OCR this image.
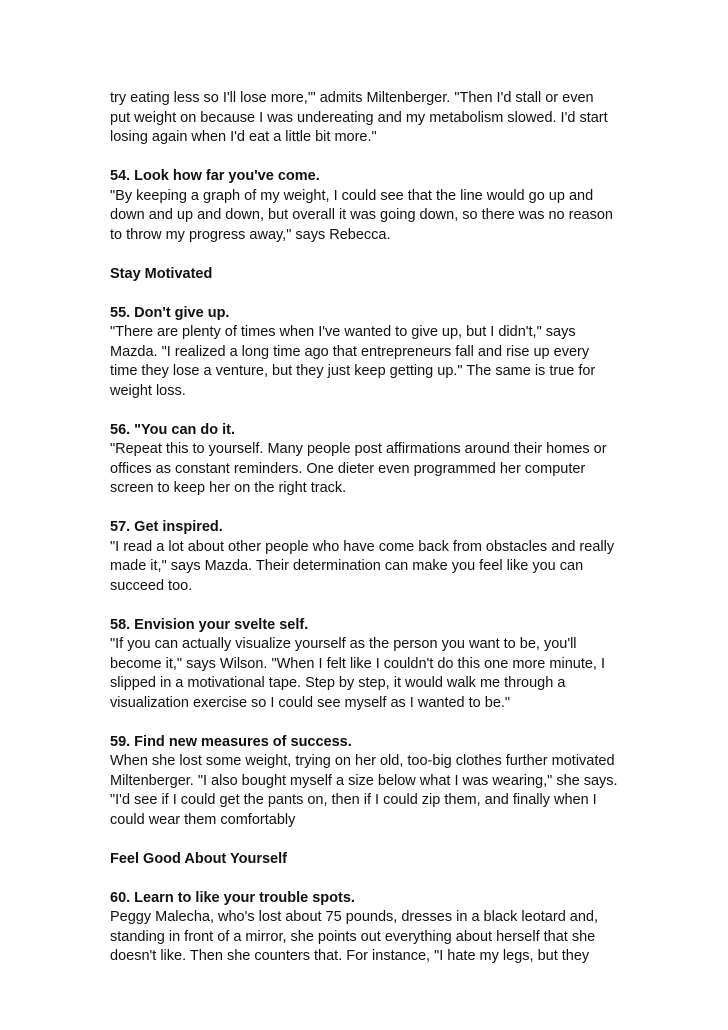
try eating less so I'll lose more,'" admits Miltenberger. "Then I'd stall or even
put weight on because I was undereating and my metabolism slowed. I'd start
losing again when I'd eat a little bit more."

54. Look how far you've come.
"By keeping a graph of my weight, I could see that the line would go up and
down and up and down, but overall it was going down, so there was no reason
to throw my progress away," says Rebecca.

Stay Motivated

55. Don't give up.
"There are plenty of times when I've wanted to give up, but I didn't," says
Mazda. "I realized a long time ago that entrepreneurs fall and rise up every
time they lose a venture, but they just keep getting up." The same is true for
weight loss.

56. "You can do it.
"Repeat this to yourself. Many people post affirmations around their homes or
offices as constant reminders. One dieter even programmed her computer
screen to keep her on the right track.

57. Get inspired.
"I read a lot about other people who have come back from obstacles and really
made it," says Mazda. Their determination can make you feel like you can
succeed too.

58. Envision your svelte self.
"If you can actually visualize yourself as the person you want to be, you'll
become it," says Wilson. "When I felt like I couldn't do this one more minute, I
slipped in a motivational tape. Step by step, it would walk me through a
visualization exercise so I could see myself as I wanted to be."

59. Find new measures of success.
When she lost some weight, trying on her old, too-big clothes further motivated
Miltenberger. "I also bought myself a size below what I was wearing," she says.
"I'd see if I could get the pants on, then if I could zip them, and finally when I
could wear them comfortably

Feel Good About Yourself

60. Learn to like your trouble spots.
Peggy Malecha, who's lost about 75 pounds, dresses in a black leotard and,
standing in front of a mirror, she points out everything about herself that she
doesn't like. Then she counters that. For instance, "I hate my legs, but they
